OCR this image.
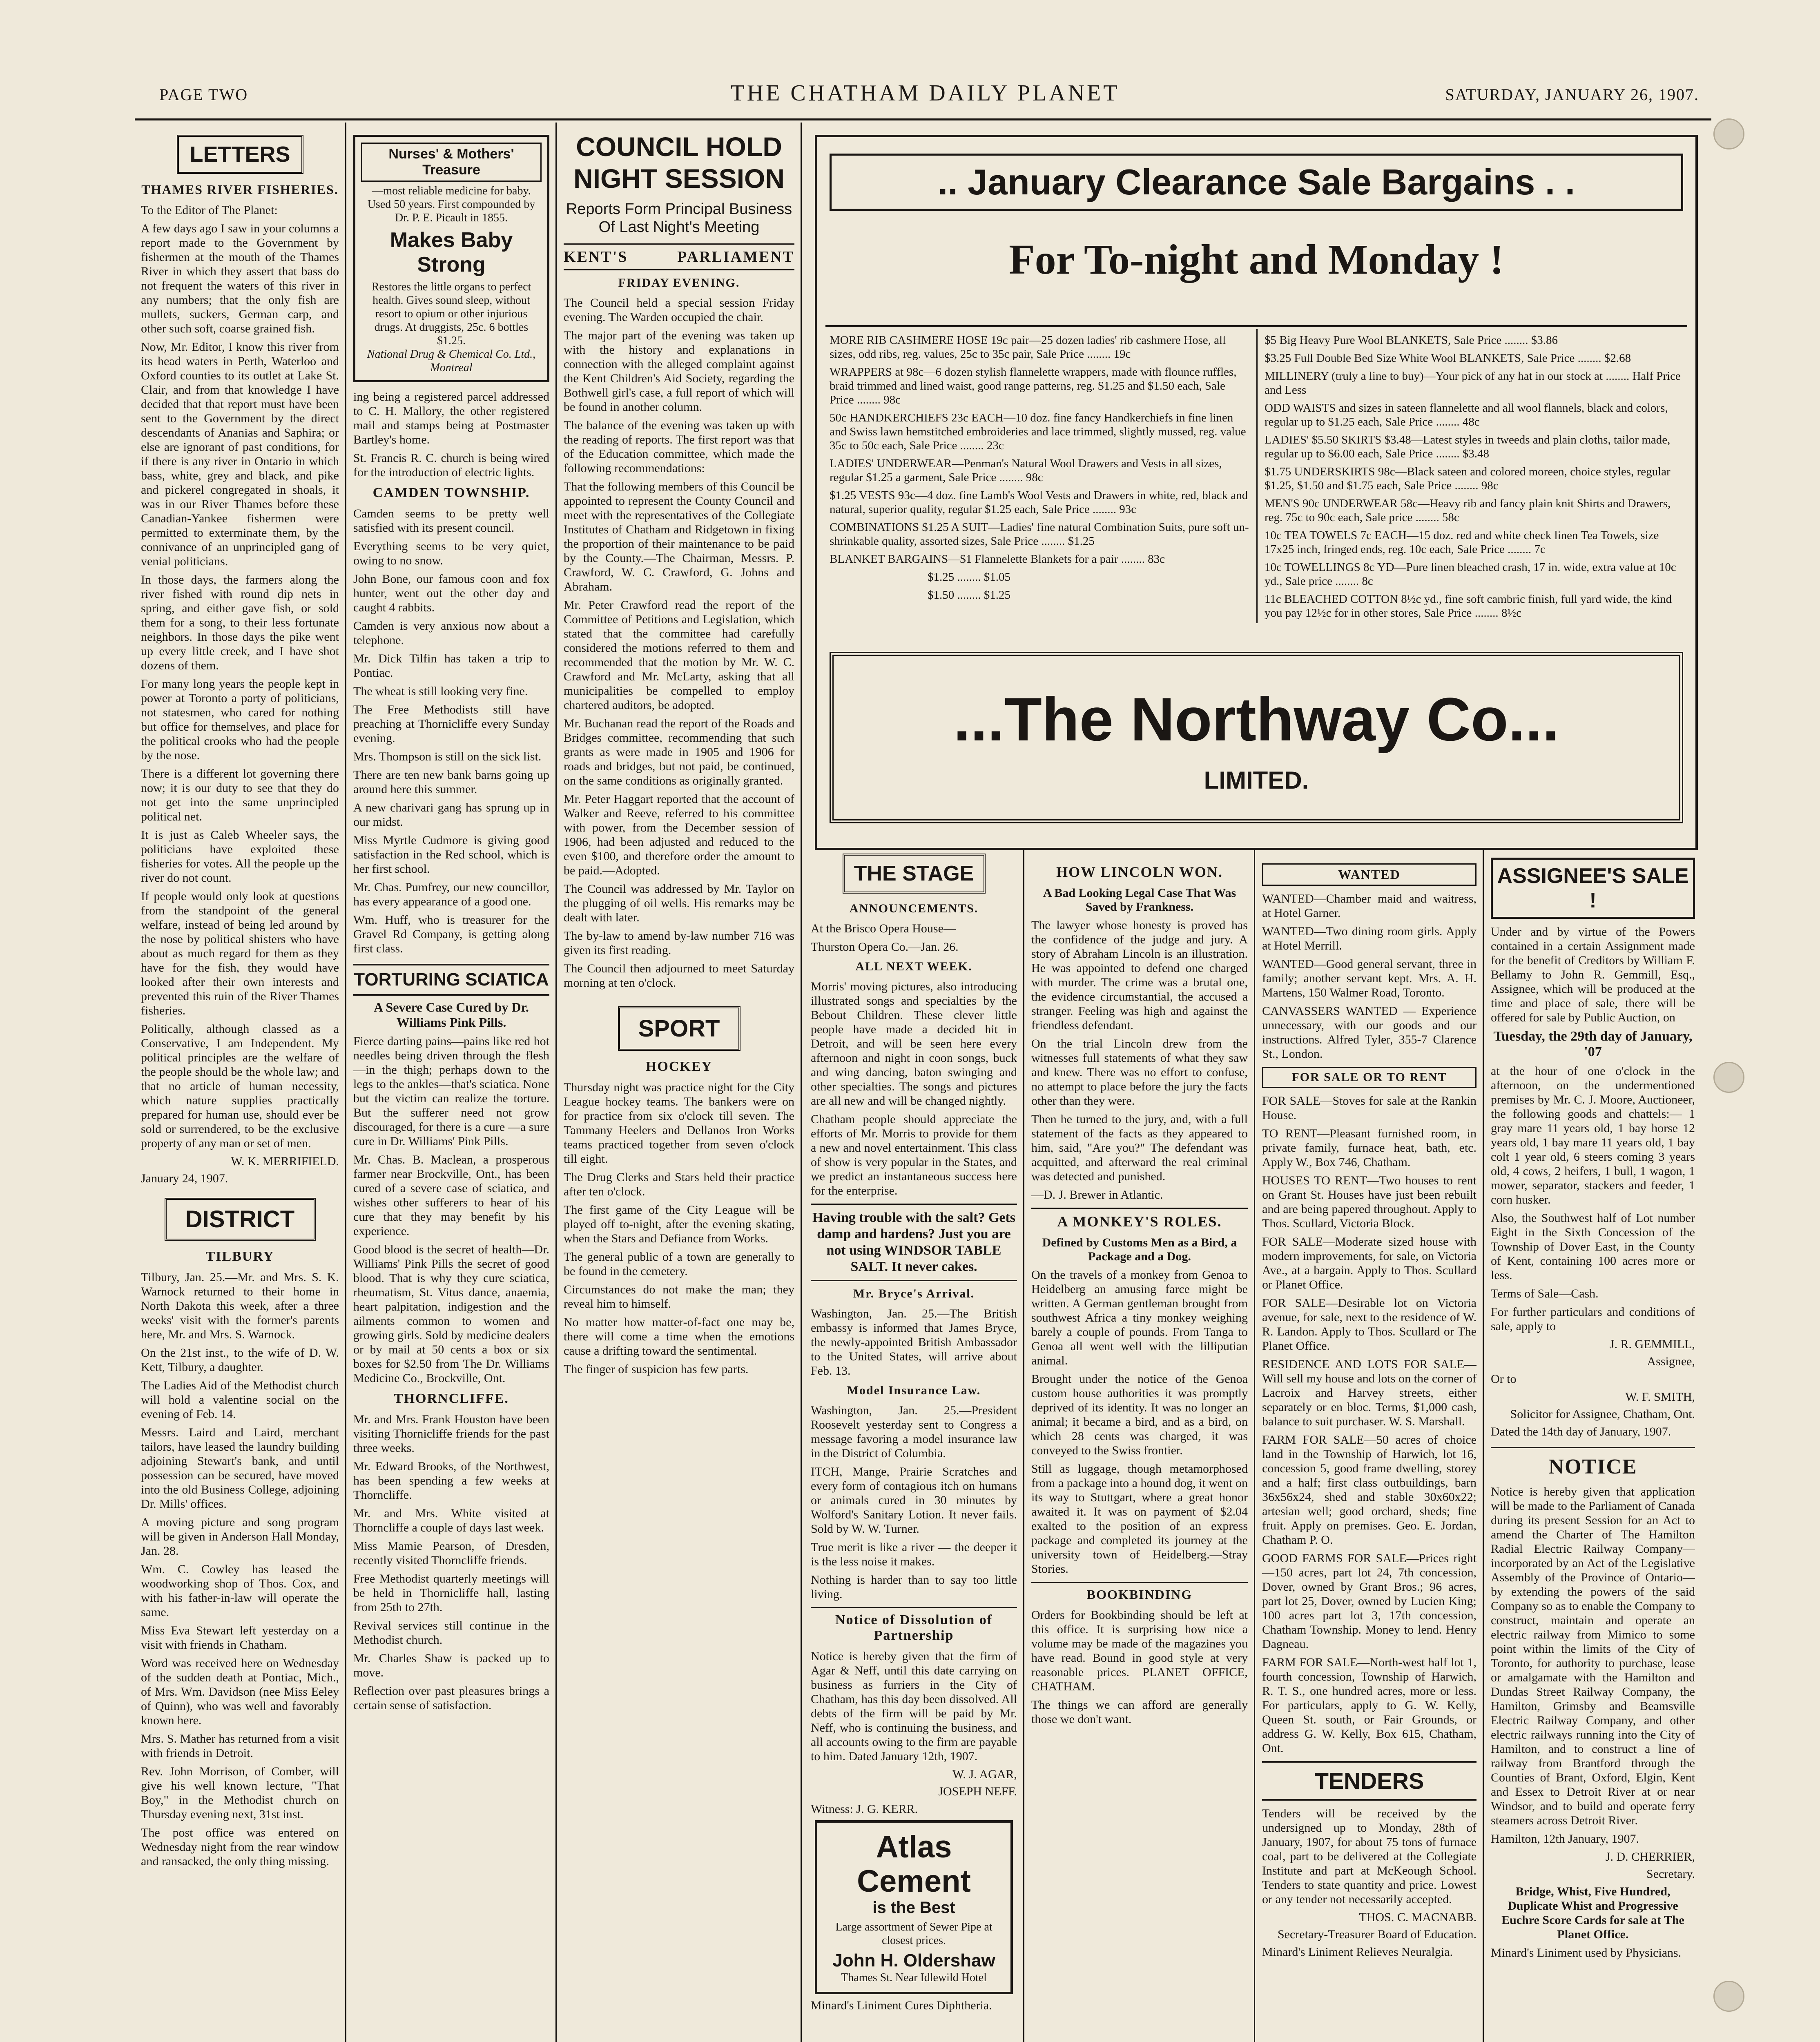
PAGE TWO	THE CHATHAM DAILY PLANET	SATURDAY, JANUARY 26, 1907.
LETTERS
THAMES RIVER FISHERIES.

To the Editor of The Planet:

A few days ago I saw in your columns a report made to the Government by fishermen at the mouth of the Thames River in which they assert that bass do not frequent the waters of this river in any numbers; that the only fish are mullets, suckers, German carp, and other such soft, coarse grained fish.

Now, Mr. Editor, I know this river from its head waters in Perth, Waterloo and Oxford counties to its outlet at Lake St. Clair, and from that knowledge I have decided that that report must have been sent to the Government by the direct descendants of Ananias and Saphira; or else are ignorant of past conditions, for if there is any river in Ontario in which bass, white, grey and black, and pike and pickerel congregated in shoals, it was in our River Thames before these Canadian-Yankee fishermen were permitted to exterminate them, by the connivance of an unprincipled gang of venial politicians.

In those days, the farmers along the river fished with round dip nets in spring, and either gave fish, or sold them for a song, to their less fortunate neighbors. In those days the pike went up every little creek, and I have shot dozens of them.

For many long years the people kept in power at Toronto a party of politicians, not statesmen, who cared for nothing but office for themselves, and place for the political crooks who had the people by the nose.

There is a different lot governing there now; it is our duty to see that they do not get into the same unprincipled political net.

It is just as Caleb Wheeler says, the politicians have exploited these fisheries for votes. All the people up the river do not count.

If people would only look at questions from the standpoint of the general welfare, instead of being led around by the nose by political shisters who have about as much regard for them as they have for the fish, they would have looked after their own interests and prevented this ruin of the River Thames fisheries.

Politically, although classed as a Conservative, I am Independent. My political principles are the welfare of the people should be the whole law; and that no article of human necessity, which nature supplies practically prepared for human use, should ever be sold or surrendered, to be the exclusive property of any man or set of men.

W. K. MERRIFIELD.
January 24, 1907.
DISTRICT
TILBURY

Tilbury, Jan. 25.—Mr. and Mrs. S. K. Warnock returned to their home in North Dakota this week, after a three weeks' visit with the former's parents here, Mr. and Mrs. S. Warnock.

On the 21st inst., to the wife of D. W. Kett, Tilbury, a daughter.

The Ladies Aid of the Methodist church will hold a valentine social on the evening of Feb. 14.

Messrs. Laird and Laird, merchant tailors, have leased the laundry building adjoining Stewart's bank, and until possession can be secured, have moved into the old Business College, adjoining Dr. Mills' offices.

A moving picture and song program will be given in Anderson Hall Monday, Jan. 28.

Wm. C. Cowley has leased the woodworking shop of Thos. Cox, and with his father-in-law will operate the same.

Miss Eva Stewart left yesterday on a visit with friends in Chatham.

Word was received here on Wednesday of the sudden death at Pontiac, Mich., of Mrs. Wm. Davidson (nee Miss Eeley of Quinn), who was well and favorably known here.

Mrs. S. Mather has returned from a visit with friends in Detroit.

Rev. John Morrison, of Comber, will give his well known lecture, "That Boy," in the Methodist church on Thursday evening next, 31st inst.

The post office was entered on Wednesday night from the rear window and ransacked, the only thing missing.

Nurses' & Mothers' Treasure
—most reliable medicine for baby. Used 50 years. First compounded by Dr. P. E. Picault in 1855.
Makes Baby Strong
Restores the little organs to perfect health. Gives sound sleep, without resort to opium or other injurious drugs. At druggists, 25c. 6 bottles $1.25.
National Drug & Chemical Co. Ltd., Montreal

ing being a registered parcel addressed to C. H. Mallory, the other registered mail and stamps being at Postmaster Bartley's home.

St. Francis R. C. church is being wired for the introduction of electric lights.

CAMDEN TOWNSHIP.

Camden seems to be pretty well satisfied with its present council.

Everything seems to be very quiet, owing to no snow.

John Bone, our famous coon and fox hunter, went out the other day and caught 4 rabbits.

Camden is very anxious now about a telephone.

Mr. Dick Tilfin has taken a trip to Pontiac.

The wheat is still looking very fine.

The Free Methodists still have preaching at Thornicliffe every Sunday evening.

Mrs. Thompson is still on the sick list.

There are ten new bank barns going up around here this summer.

A new charivari gang has sprung up in our midst.

Miss Myrtle Cudmore is giving good satisfaction in the Red school, which is her first school.

Mr. Chas. Pumfrey, our new councillor, has every appearance of a good one.

Wm. Huff, who is treasurer for the Gravel Rd Company, is getting along first class.

TORTURING SCIATICA
A Severe Case Cured by Dr. Williams Pink Pills.

Fierce darting pains—pains like red hot needles being driven through the flesh—in the thigh; perhaps down to the legs to the ankles—that's sciatica. None but the victim can realize the torture. But the sufferer need not grow discouraged, for there is a cure —a sure cure in Dr. Williams' Pink Pills.

Mr. Chas. B. Maclean, a prosperous farmer near Brockville, Ont., has been cured of a severe case of sciatica, and wishes other sufferers to hear of his cure that they may benefit by his experience.

Good blood is the secret of health—Dr. Williams' Pink Pills the secret of good blood. That is why they cure sciatica, rheumatism, St. Vitus dance, anaemia, heart palpitation, indigestion and the ailments common to women and growing girls. Sold by medicine dealers or by mail at 50 cents a box or six boxes for $2.50 from The Dr. Williams Medicine Co., Brockville, Ont.

THORNCLIFFE.

Mr. and Mrs. Frank Houston have been visiting Thornicliffe friends for the past three weeks.

Mr. Edward Brooks, of the Northwest, has been spending a few weeks at Thorncliffe.

Mr. and Mrs. White visited at Thorncliffe a couple of days last week.

Miss Mamie Pearson, of Dresden, recently visited Thorncliffe friends.

Free Methodist quarterly meetings will be held in Thornicliffe hall, lasting from 25th to 27th.

Revival services still continue in the Methodist church.

Mr. Charles Shaw is packed up to move.

Reflection over past pleasures brings a certain sense of satisfaction.

COUNCIL HOLD
NIGHT SESSION
Reports Form Principal Business Of Last Night's Meeting
KENT'S	PARLIAMENT
FRIDAY EVENING.

The Council held a special session Friday evening. The Warden occupied the chair.

The major part of the evening was taken up with the history and explanations in connection with the alleged complaint against the Kent Children's Aid Society, regarding the Bothwell girl's case, a full report of which will be found in another column.

The balance of the evening was taken up with the reading of reports. The first report was that of the Education committee, which made the following recommendations:

That the following members of this Council be appointed to represent the County Council and meet with the representatives of the Collegiate Institutes of Chatham and Ridgetown in fixing the proportion of their maintenance to be paid by the County.—The Chairman, Messrs. P. Crawford, W. C. Crawford, G. Johns and Abraham.

Mr. Peter Crawford read the report of the Committee of Petitions and Legislation, which stated that the committee had carefully considered the motions referred to them and recommended that the motion by Mr. W. C. Crawford and Mr. McLarty, asking that all municipalities be compelled to employ chartered auditors, be adopted.

Mr. Buchanan read the report of the Roads and Bridges committee, recommending that such grants as were made in 1905 and 1906 for roads and bridges, but not paid, be continued, on the same conditions as originally granted.

Mr. Peter Haggart reported that the account of Walker and Reeve, referred to his committee with power, from the December session of 1906, had been adjusted and reduced to the even $100, and therefore order the amount to be paid.—Adopted.

The Council was addressed by Mr. Taylor on the plugging of oil wells. His remarks may be dealt with later.

The by-law to amend by-law number 716 was given its first reading.

The Council then adjourned to meet Saturday morning at ten o'clock.

SPORT
HOCKEY

Thursday night was practice night for the City League hockey teams. The bankers were on for practice from six o'clock till seven. The Tammany Heelers and Dellanos Iron Works teams practiced together from seven o'clock till eight.

The Drug Clerks and Stars held their practice after ten o'clock.

The first game of the City League will be played off to-night, after the evening skating, when the Stars and Defiance from Works.

The general public of a town are generally to be found in the cemetery.

Circumstances do not make the man; they reveal him to himself.

No matter how matter-of-fact one may be, there will come a time when the emotions cause a drifting toward the sentimental.

The finger of suspicion has few parts.

.. January Clearance Sale Bargains . .
For To-night and Monday !
MORE RIB CASHMERE HOSE 19c pair—25 dozen ladies' rib cashmere Hose, all sizes, odd ribs, reg. values, 25c to 35c pair, Sale Price ........ 19c
WRAPPERS at 98c—6 dozen stylish flannelette wrappers, made with flounce ruffles, braid trimmed and lined waist, good range patterns, reg. $1.25 and $1.50 each, Sale Price ........ 98c
50c HANDKERCHIEFS 23c EACH—10 doz. fine fancy Handkerchiefs in fine linen and Swiss lawn hemstitched embroideries and lace trimmed, slightly mussed, reg. value 35c to 50c each, Sale Price ........ 23c
LADIES' UNDERWEAR—Penman's Natural Wool Drawers and Vests in all sizes, regular $1.25 a garment, Sale Price ........ 98c
$1.25 VESTS 93c—4 doz. fine Lamb's Wool Vests and Drawers in white, red, black and natural, superior quality, regular $1.25 each, Sale Price ........ 93c
COMBINATIONS $1.25 A SUIT—Ladies' fine natural Combination Suits, pure soft un-shrinkable quality, assorted sizes, Sale Price ........ $1.25
BLANKET BARGAINS—$1 Flannelette Blankets for a pair ........ 83c
$1.25 ........ $1.05
$1.50 ........ $1.25
$5 Big Heavy Pure Wool BLANKETS, Sale Price ........ $3.86
$3.25 Full Double Bed Size White Wool BLANKETS, Sale Price ........ $2.68
MILLINERY (truly a line to buy)—Your pick of any hat in our stock at ........ Half Price and Less
ODD WAISTS and sizes in sateen flannelette and all wool flannels, black and colors, regular up to $1.25 each, Sale Price ........ 48c
LADIES' $5.50 SKIRTS $3.48—Latest styles in tweeds and plain cloths, tailor made, regular up to $6.00 each, Sale Price ........ $3.48
$1.75 UNDERSKIRTS 98c—Black sateen and colored moreen, choice styles, regular $1.25, $1.50 and $1.75 each, Sale Price ........ 98c
MEN'S 90c UNDERWEAR 58c—Heavy rib and fancy plain knit Shirts and Drawers, reg. 75c to 90c each, Sale price ........ 58c
10c TEA TOWELS 7c EACH—15 doz. red and white check linen Tea Towels, size 17x25 inch, fringed ends, reg. 10c each, Sale Price ........ 7c
10c TOWELLINGS 8c YD—Pure linen bleached crash, 17 in. wide, extra value at 10c yd., Sale price ........ 8c
11c BLEACHED COTTON 8½c yd., fine soft cambric finish, full yard wide, the kind you pay 12½c for in other stores, Sale Price ........ 8½c
...The Northway Co...
LIMITED.
THE STAGE
ANNOUNCEMENTS.

At the Brisco Opera House—

Thurston Opera Co.—Jan. 26.

ALL NEXT WEEK.

Morris' moving pictures, also introducing illustrated songs and specialties by the Bebout Children. These clever little people have made a decided hit in Detroit, and will be seen here every afternoon and night in coon songs, buck and wing dancing, baton swinging and other specialties. The songs and pictures are all new and will be changed nightly.

Chatham people should appreciate the efforts of Mr. Morris to provide for them a new and novel entertainment. This class of show is very popular in the States, and we predict an instantaneous success here for the enterprise.

Having trouble with the salt? Gets damp and hardens? Just you are not using WINDSOR TABLE SALT. It never cakes.
Mr. Bryce's Arrival.

Washington, Jan. 25.—The British embassy is informed that James Bryce, the newly-appointed British Ambassador to the United States, will arrive about Feb. 13.

Model Insurance Law.

Washington, Jan. 25.—President Roosevelt yesterday sent to Congress a message favoring a model insurance law in the District of Columbia.

ITCH, Mange, Prairie Scratches and every form of contagious itch on humans or animals cured in 30 minutes by Wolford's Sanitary Lotion. It never fails. Sold by W. W. Turner.

True merit is like a river — the deeper it is the less noise it makes.

Nothing is harder than to say too little living.

Notice of Dissolution of Partnership

Notice is hereby given that the firm of Agar & Neff, until this date carrying on business as furriers in the City of Chatham, has this day been dissolved. All debts of the firm will be paid by Mr. Neff, who is continuing the business, and all accounts owing to the firm are payable to him. Dated January 12th, 1907.

W. J. AGAR,
JOSEPH NEFF.

Witness: J. G. KERR.

Atlas
Cement
is the Best
Large assortment of Sewer Pipe at closest prices.
John H. Oldershaw
Thames St. Near Idlewild Hotel

Minard's Liniment Cures Diphtheria.

HOW LINCOLN WON.
A Bad Looking Legal Case That Was Saved by Frankness.

The lawyer whose honesty is proved has the confidence of the judge and jury. A story of Abraham Lincoln is an illustration. He was appointed to defend one charged with murder. The crime was a brutal one, the evidence circumstantial, the accused a stranger. Feeling was high and against the friendless defendant.

On the trial Lincoln drew from the witnesses full statements of what they saw and knew. There was no effort to confuse, no attempt to place before the jury the facts other than they were.

Then he turned to the jury, and, with a full statement of the facts as they appeared to him, said, "Are you?" The defendant was acquitted, and afterward the real criminal was detected and punished.

—D. J. Brewer in Atlantic.

A MONKEY'S ROLES.
Defined by Customs Men as a Bird, a Package and a Dog.

On the travels of a monkey from Genoa to Heidelberg an amusing farce might be written. A German gentleman brought from southwest Africa a tiny monkey weighing barely a couple of pounds. From Tanga to Genoa all went well with the lilliputian animal.

Brought under the notice of the Genoa custom house authorities it was promptly deprived of its identity. It was no longer an animal; it became a bird, and as a bird, on which 28 cents was charged, it was conveyed to the Swiss frontier.

Still as luggage, though metamorphosed from a package into a hound dog, it went on its way to Stuttgart, where a great honor awaited it. It was on payment of $2.04 exalted to the position of an express package and completed its journey at the university town of Heidelberg.—Stray Stories.

BOOKBINDING

Orders for Bookbinding should be left at this office. It is surprising how nice a volume may be made of the magazines you have read. Bound in good style at very reasonable prices. PLANET OFFICE, CHATHAM.

The things we can afford are generally those we don't want.

WANTED

WANTED—Chamber maid and waitress, at Hotel Garner.

WANTED—Two dining room girls. Apply at Hotel Merrill.

WANTED—Good general servant, three in family; another servant kept. Mrs. A. H. Martens, 150 Walmer Road, Toronto.

CANVASSERS WANTED — Experience unnecessary, with our goods and our instructions. Alfred Tyler, 355-7 Clarence St., London.

FOR SALE OR TO RENT

FOR SALE—Stoves for sale at the Rankin House.

TO RENT—Pleasant furnished room, in private family, furnace heat, bath, etc. Apply W., Box 746, Chatham.

HOUSES TO RENT—Two houses to rent on Grant St. Houses have just been rebuilt and are being papered throughout. Apply to Thos. Scullard, Victoria Block.

FOR SALE—Moderate sized house with modern improvements, for sale, on Victoria Ave., at a bargain. Apply to Thos. Scullard or Planet Office.

FOR SALE—Desirable lot on Victoria avenue, for sale, next to the residence of W. R. Landon. Apply to Thos. Scullard or The Planet Office.

RESIDENCE AND LOTS FOR SALE—Will sell my house and lots on the corner of Lacroix and Harvey streets, either separately or en bloc. Terms, $1,000 cash, balance to suit purchaser. W. S. Marshall.

FARM FOR SALE—50 acres of choice land in the Township of Harwich, lot 16, concession 5, good frame dwelling, storey and a half; first class outbuildings, barn 36x56x24, shed and stable 30x60x22; artesian well; good orchard, sheds; fine fruit. Apply on premises. Geo. E. Jordan, Chatham P. O.

GOOD FARMS FOR SALE—Prices right—150 acres, part lot 24, 7th concession, Dover, owned by Grant Bros.; 96 acres, part lot 25, Dover, owned by Lucien King; 100 acres part lot 3, 17th concession, Chatham Township. Money to lend. Henry Dagneau.

FARM FOR SALE—North-west half lot 1, fourth concession, Township of Harwich, R. T. S., one hundred acres, more or less. For particulars, apply to G. W. Kelly, Queen St. south, or Fair Grounds, or address G. W. Kelly, Box 615, Chatham, Ont.

TENDERS

Tenders will be received by the undersigned up to Monday, 28th of January, 1907, for about 75 tons of furnace coal, part to be delivered at the Collegiate Institute and part at McKeough School. Tenders to state quantity and price. Lowest or any tender not necessarily accepted.

THOS. C. MACNABB.
Secretary-Treasurer Board of Education.

Minard's Liniment Relieves Neuralgia.

ASSIGNEE'S SALE !

Under and by virtue of the Powers contained in a certain Assignment made for the benefit of Creditors by William F. Bellamy to John R. Gemmill, Esq., Assignee, which will be produced at the time and place of sale, there will be offered for sale by Public Auction, on

Tuesday, the 29th day of January, '07

at the hour of one o'clock in the afternoon, on the undermentioned premises by Mr. C. J. Moore, Auctioneer, the following goods and chattels:— 1 gray mare 11 years old, 1 bay horse 12 years old, 1 bay mare 11 years old, 1 bay colt 1 year old, 6 steers coming 3 years old, 4 cows, 2 heifers, 1 bull, 1 wagon, 1 mower, separator, stackers and feeder, 1 corn husker.

Also, the Southwest half of Lot number Eight in the Sixth Concession of the Township of Dover East, in the County of Kent, containing 100 acres more or less.

Terms of Sale—Cash.

For further particulars and conditions of sale, apply to

J. R. GEMMILL,
Assignee,

Or to

W. F. SMITH,
Solicitor for Assignee, Chatham, Ont.

Dated the 14th day of January, 1907.

NOTICE

Notice is hereby given that application will be made to the Parliament of Canada during its present Session for an Act to amend the Charter of The Hamilton Radial Electric Railway Company—incorporated by an Act of the Legislative Assembly of the Province of Ontario—by extending the powers of the said Company so as to enable the Company to construct, maintain and operate an electric railway from Mimico to some point within the limits of the City of Toronto, for authority to purchase, lease or amalgamate with the Hamilton and Dundas Street Railway Company, the Hamilton, Grimsby and Beamsville Electric Railway Company, and other electric railways running into the City of Hamilton, and to construct a line of railway from Brantford through the Counties of Brant, Oxford, Elgin, Kent and Essex to Detroit River at or near Windsor, and to build and operate ferry steamers across Detroit River.

Hamilton, 12th January, 1907.

J. D. CHERRIER,
Secretary.

Bridge, Whist, Five Hundred, Duplicate Whist and Progressive Euchre Score Cards for sale at The Planet Office.

Minard's Liniment used by Physicians.
